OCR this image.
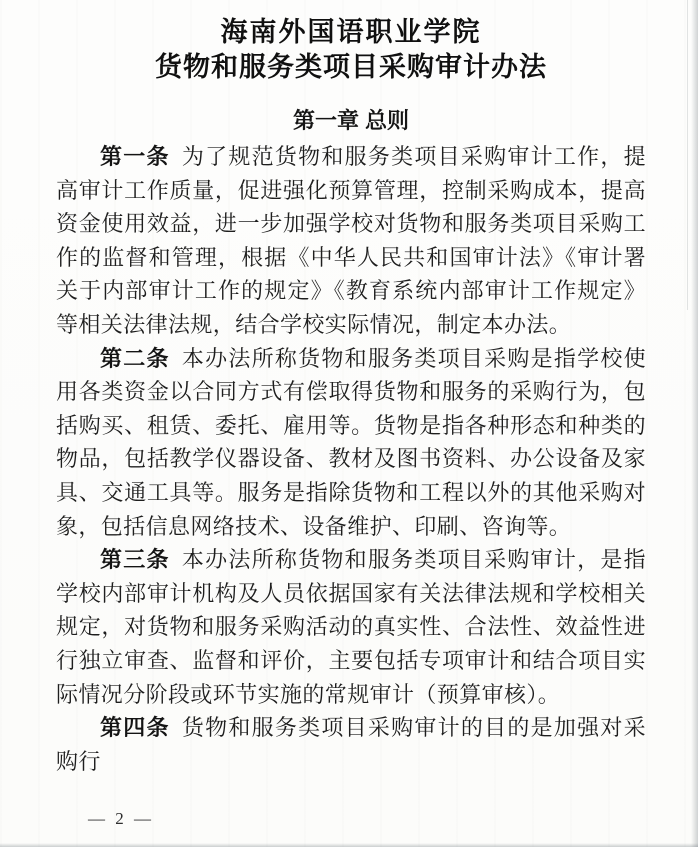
海南外国语职业学院
货物和服务类项目采购审计办法
第一章 总则

第一条 为了规范货物和服务类项目采购审计工作，提高审计工作质量，促进强化预算管理，控制采购成本，提高资金使用效益，进一步加强学校对货物和服务类项目采购工作的监督和管理，根据《中华人民共和国审计法》《审计署关于内部审计工作的规定》《教育系统内部审计工作规定》等相关法律法规，结合学校实际情况，制定本办法。

第二条 本办法所称货物和服务类项目采购是指学校使用各类资金以合同方式有偿取得货物和服务的采购行为，包括购买、租赁、委托、雇用等。货物是指各种形态和种类的物品，包括教学仪器设备、教材及图书资料、办公设备及家具、交通工具等。服务是指除货物和工程以外的其他采购对象，包括信息网络技术、设备维护、印刷、咨询等。

第三条 本办法所称货物和服务类项目采购审计，是指学校内部审计机构及人员依据国家有关法律法规和学校相关规定，对货物和服务采购活动的真实性、合法性、效益性进行独立审查、监督和评价，主要包括专项审计和结合项目实际情况分阶段或环节实施的常规审计（预算审核）。

第四条 货物和服务类项目采购审计的目的是加强对采购行

— 2 —
